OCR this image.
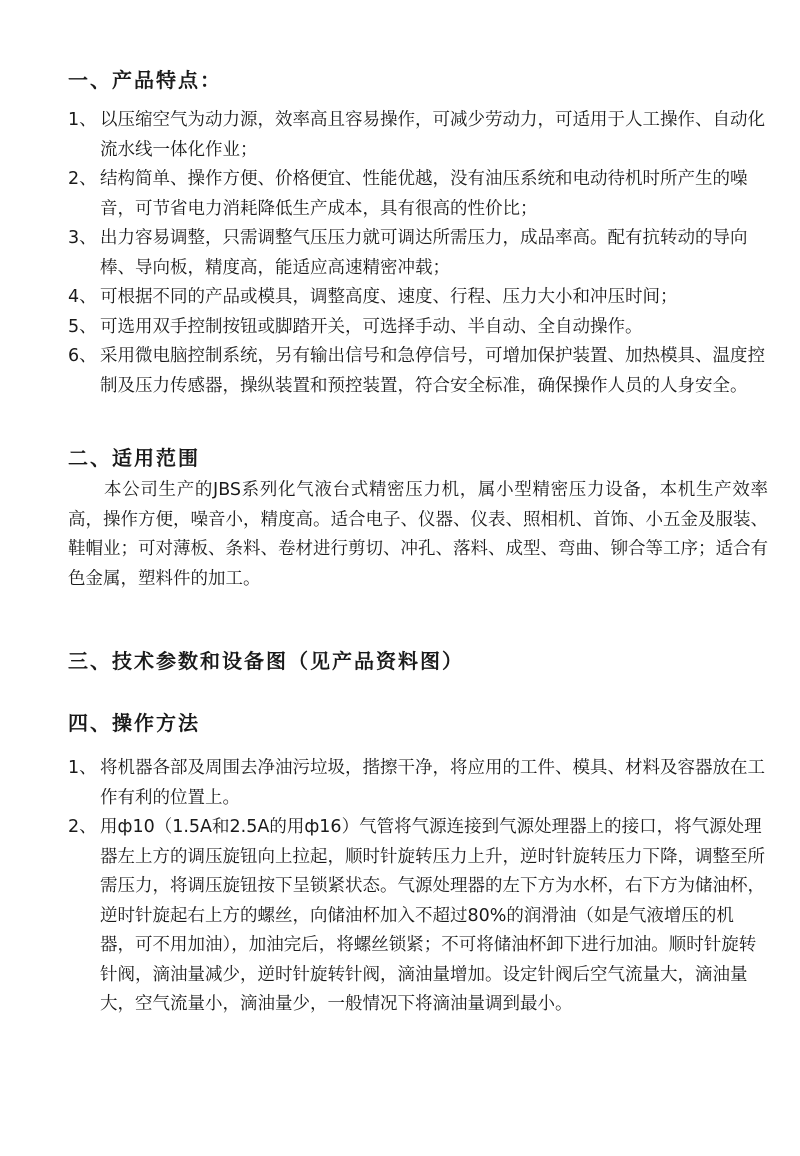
一、产品特点：
1、 以压缩空气为动力源，效率高且容易操作，可减少劳动力，可适用于人工操作、自动化流水线一体化作业；
2、 结构简单、操作方便、价格便宜、性能优越，没有油压系统和电动待机时所产生的噪音，可节省电力消耗降低生产成本，具有很高的性价比；
3、 出力容易调整，只需调整气压压力就可调达所需压力，成品率高。配有抗转动的导向棒、导向板，精度高，能适应高速精密冲载；
4、 可根据不同的产品或模具，调整高度、速度、行程、压力大小和冲压时间；
5、 可选用双手控制按钮或脚踏开关，可选择手动、半自动、全自动操作。
6、 采用微电脑控制系统，另有输出信号和急停信号，可增加保护装置、加热模具、温度控制及压力传感器，操纵装置和预控装置，符合安全标准，确保操作人员的人身安全。
二、适用范围
本公司生产的JBS系列化气液台式精密压力机，属小型精密压力设备，本机生产效率高，操作方便，噪音小，精度高。适合电子、仪器、仪表、照相机、首饰、小五金及服装、鞋帽业；可对薄板、条料、卷材进行剪切、冲孔、落料、成型、弯曲、铆合等工序；适合有色金属，塑料件的加工。
三、技术参数和设备图（见产品资料图）
四、操作方法
1、 将机器各部及周围去净油污垃圾，揩擦干净，将应用的工件、模具、材料及容器放在工作有利的位置上。
2、 用ф10（1.5A和2.5A的用ф16）气管将气源连接到气源处理器上的接口，将气源处理器左上方的调压旋钮向上拉起，顺时针旋转压力上升，逆时针旋转压力下降，调整至所需压力，将调压旋钮按下呈锁紧状态。气源处理器的左下方为水杯，右下方为储油杯，逆时针旋起右上方的螺丝，向储油杯加入不超过80%的润滑油（如是气液增压的机器，可不用加油），加油完后，将螺丝锁紧；不可将储油杯卸下进行加油。顺时针旋转针阀，滴油量减少，逆时针旋转针阀，滴油量增加。设定针阀后空气流量大，滴油量大，空气流量小，滴油量少，一般情况下将滴油量调到最小。
